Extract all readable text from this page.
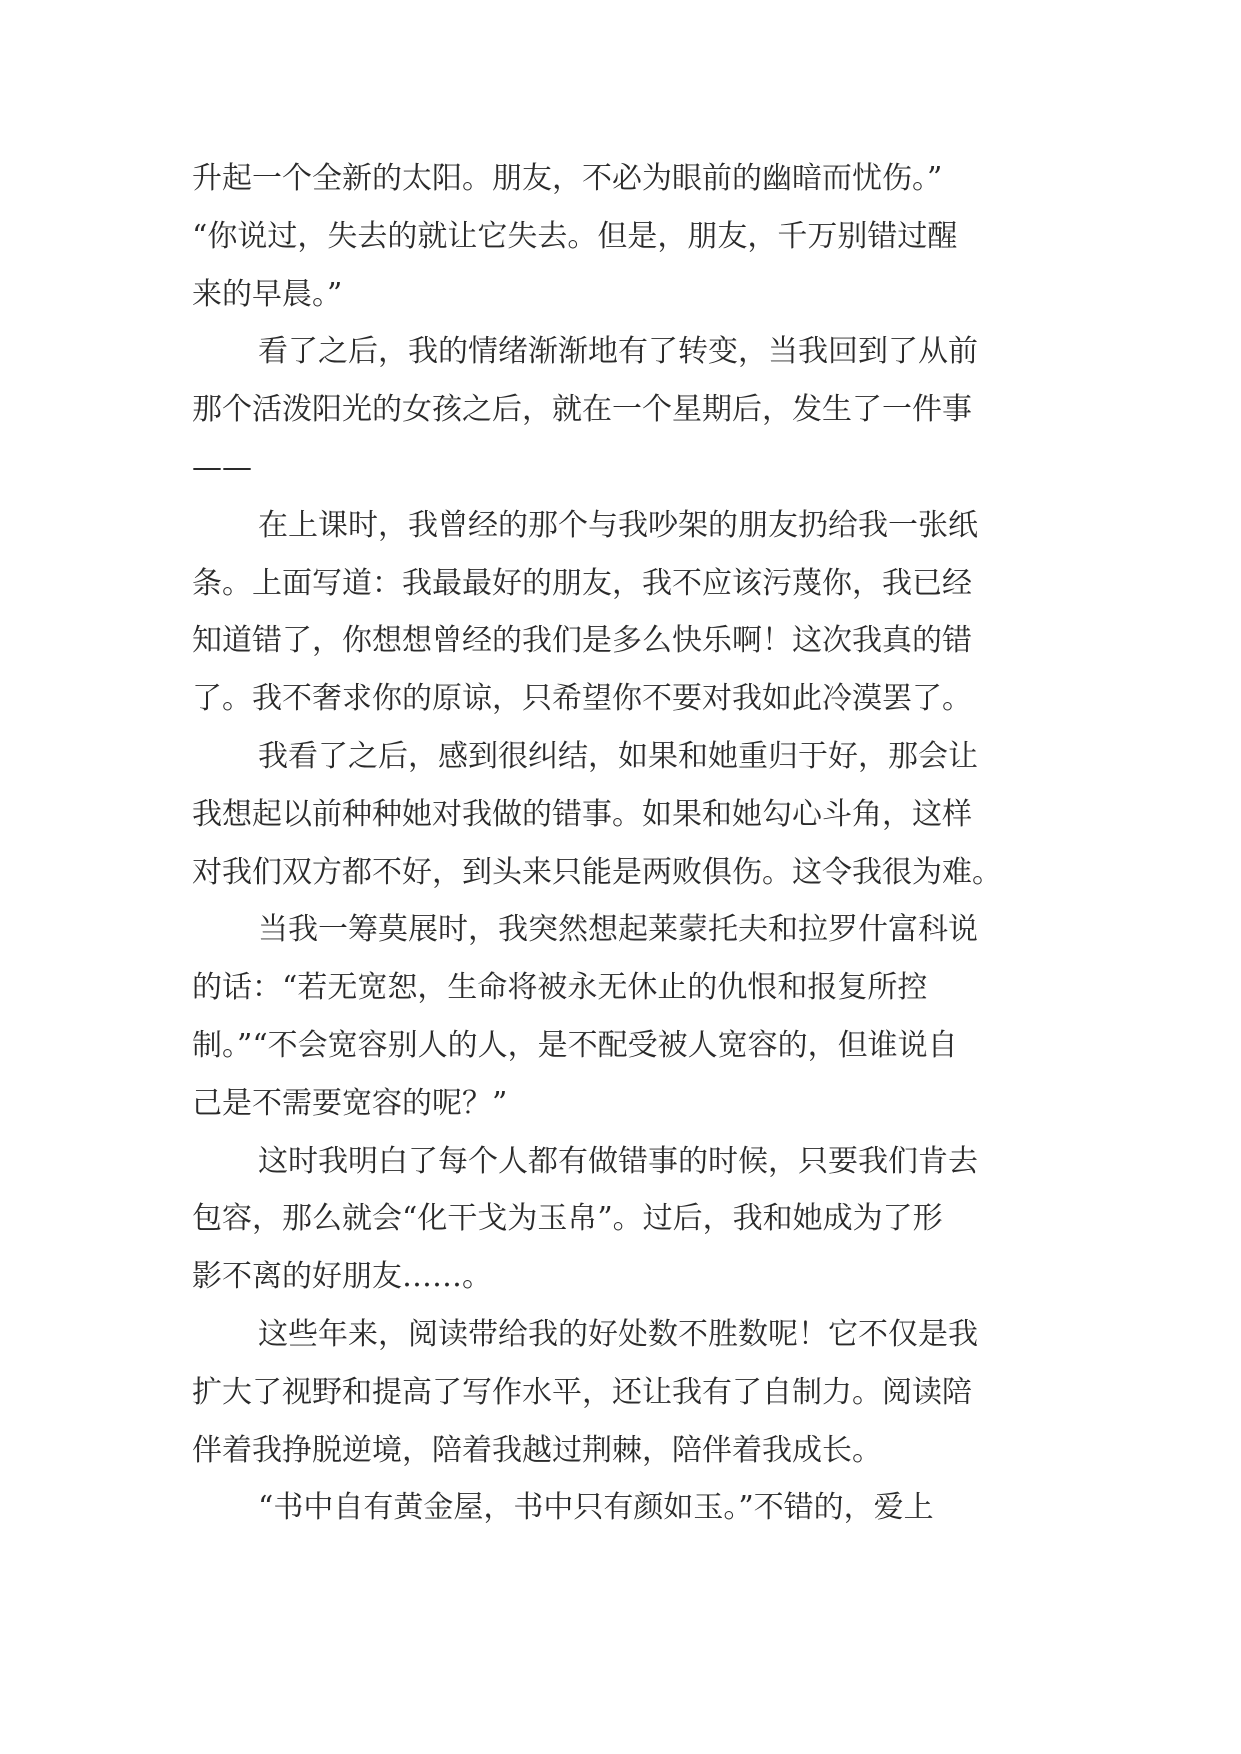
升起一个全新的太阳。朋友，不必为眼前的幽暗而忧伤。”
“你说过，失去的就让它失去。但是，朋友，千万别错过醒
来的早晨。”
看了之后，我的情绪渐渐地有了转变，当我回到了从前
那个活泼阳光的女孩之后，就在一个星期后，发生了一件事
——
在上课时，我曾经的那个与我吵架的朋友扔给我一张纸
条。上面写道：我最最好的朋友，我不应该污蔑你，我已经
知道错了，你想想曾经的我们是多么快乐啊！这次我真的错
了。我不奢求你的原谅，只希望你不要对我如此冷漠罢了。
我看了之后，感到很纠结，如果和她重归于好，那会让
我想起以前种种她对我做的错事。如果和她勾心斗角，这样
对我们双方都不好，到头来只能是两败俱伤。这令我很为难。
当我一筹莫展时，我突然想起莱蒙托夫和拉罗什富科说
的话：“若无宽恕，生命将被永无休止的仇恨和报复所控
制。”“不会宽容别人的人，是不配受被人宽容的，但谁说自
己是不需要宽容的呢？”
这时我明白了每个人都有做错事的时候，只要我们肯去
包容，那么就会“化干戈为玉帛”。过后，我和她成为了形
影不离的好朋友……。
这些年来，阅读带给我的好处数不胜数呢！它不仅是我
扩大了视野和提高了写作水平，还让我有了自制力。阅读陪
伴着我挣脱逆境，陪着我越过荆棘，陪伴着我成长。
“书中自有黄金屋，书中只有颜如玉。”不错的，爱上
